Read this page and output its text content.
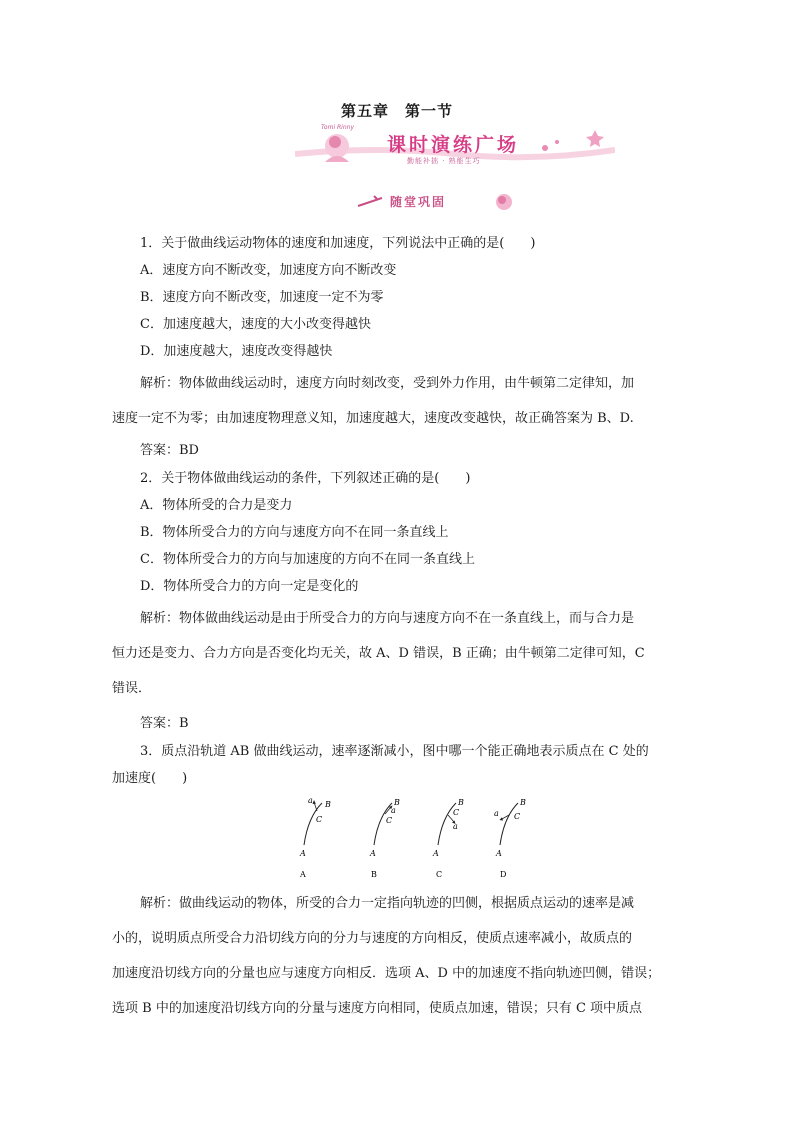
第五章　第一节
Tomi Rinny
课时演练广场
勤能补拙 · 熟能生巧
随堂巩固
1．关于做曲线运动物体的速度和加速度，下列说法中正确的是(　　)
A．速度方向不断改变，加速度方向不断改变
B．速度方向不断改变，加速度一定不为零
C．加速度越大，速度的大小改变得越快
D．加速度越大，速度改变得越快
解析：物体做曲线运动时，速度方向时刻改变，受到外力作用，由牛顿第二定律知，加
速度一定不为零；由加速度物理意义知，加速度越大，速度改变越快，故正确答案为 B、D.
答案：BD
2．关于物体做曲线运动的条件，下列叙述正确的是(　　)
A．物体所受的合力是变力
B．物体所受合力的方向与速度方向不在同一条直线上
C．物体所受合力的方向与加速度的方向不在同一条直线上
D．物体所受合力的方向一定是变化的
解析：物体做曲线运动是由于所受合力的方向与速度方向不在一条直线上，而与合力是
恒力还是变力、合力方向是否变化均无关，故 A、D 错误，B 正确；由牛顿第二定律可知，C
错误．
答案：B
3．质点沿轨道 AB 做曲线运动，速率逐渐减小，图中哪一个能正确地表示质点在 C 处的
加速度(　　)
a B
C
A
A
B
a
C
A
B
B
C
a
A
C
B
C
a
A
D
解析：做曲线运动的物体，所受的合力一定指向轨迹的凹侧，根据质点运动的速率是减
小的，说明质点所受合力沿切线方向的分力与速度的方向相反，使质点速率减小，故质点的
加速度沿切线方向的分量也应与速度方向相反．选项 A、D 中的加速度不指向轨迹凹侧，错误；
选项 B 中的加速度沿切线方向的分量与速度方向相同，使质点加速，错误；只有 C 项中质点
